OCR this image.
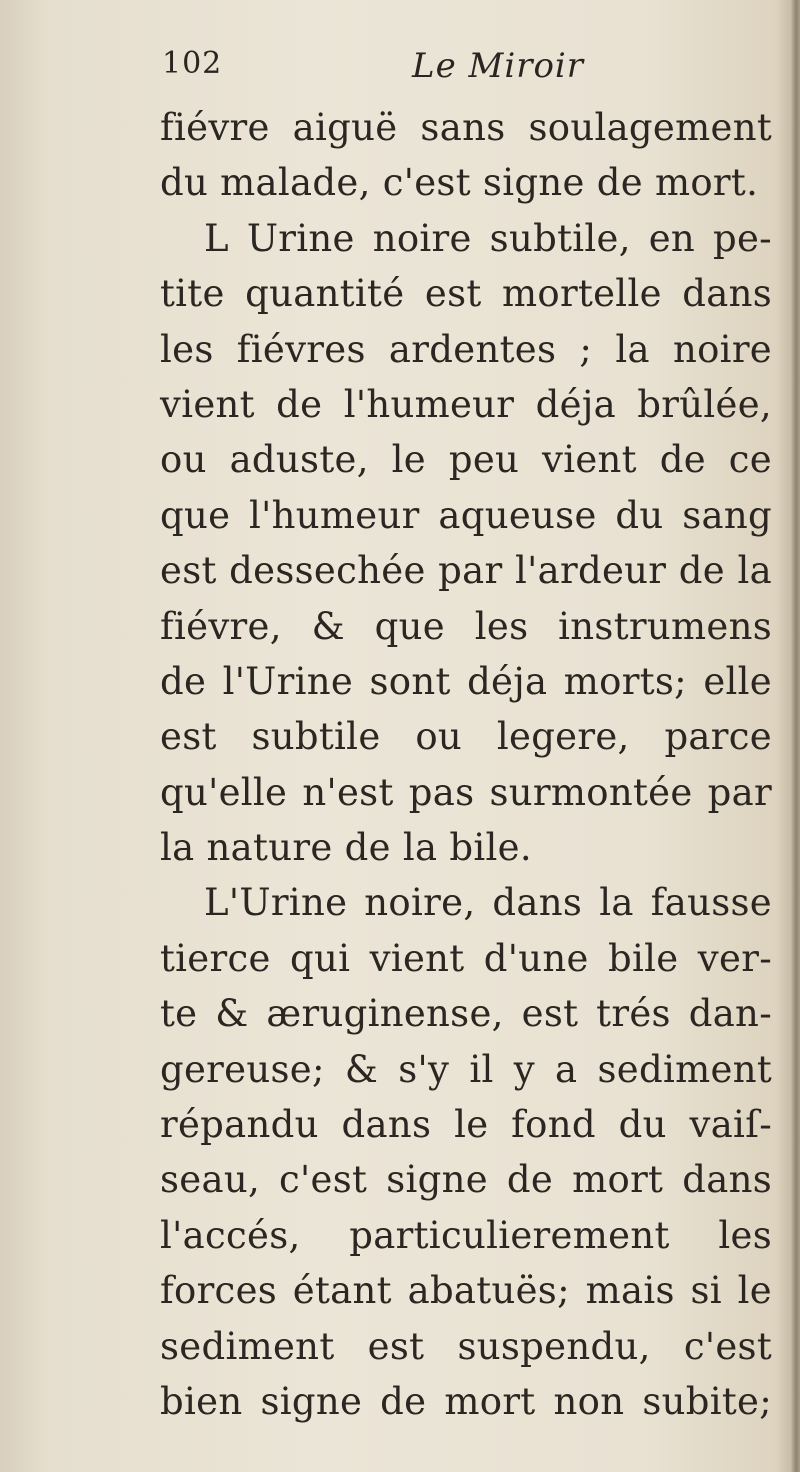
102	Le Miroir
fiévre aiguë sans soulagement
du malade, c'est signe de mort.
L Urine noire subtile, en pe-
tite quantité est mortelle dans
les fiévres ardentes ; la noire
vient de l'humeur déja brûlée,
ou aduste, le peu vient de ce
que l'humeur aqueuse du sang
est dessechée par l'ardeur de la
fiévre, & que les instrumens
de l'Urine sont déja morts; elle
est subtile ou legere, parce
qu'elle n'est pas surmontée par
la nature de la bile.
L'Urine noire, dans la fausse
tierce qui vient d'une bile ver-
te & æruginense, est trés dan-
gereuse; & s'y il y a sediment
répandu dans le fond du vaiſ-
seau, c'est signe de mort dans
l'accés, particulierement les
forces étant abatuës; mais si le
sediment est suspendu, c'est
bien signe de mort non subite;
